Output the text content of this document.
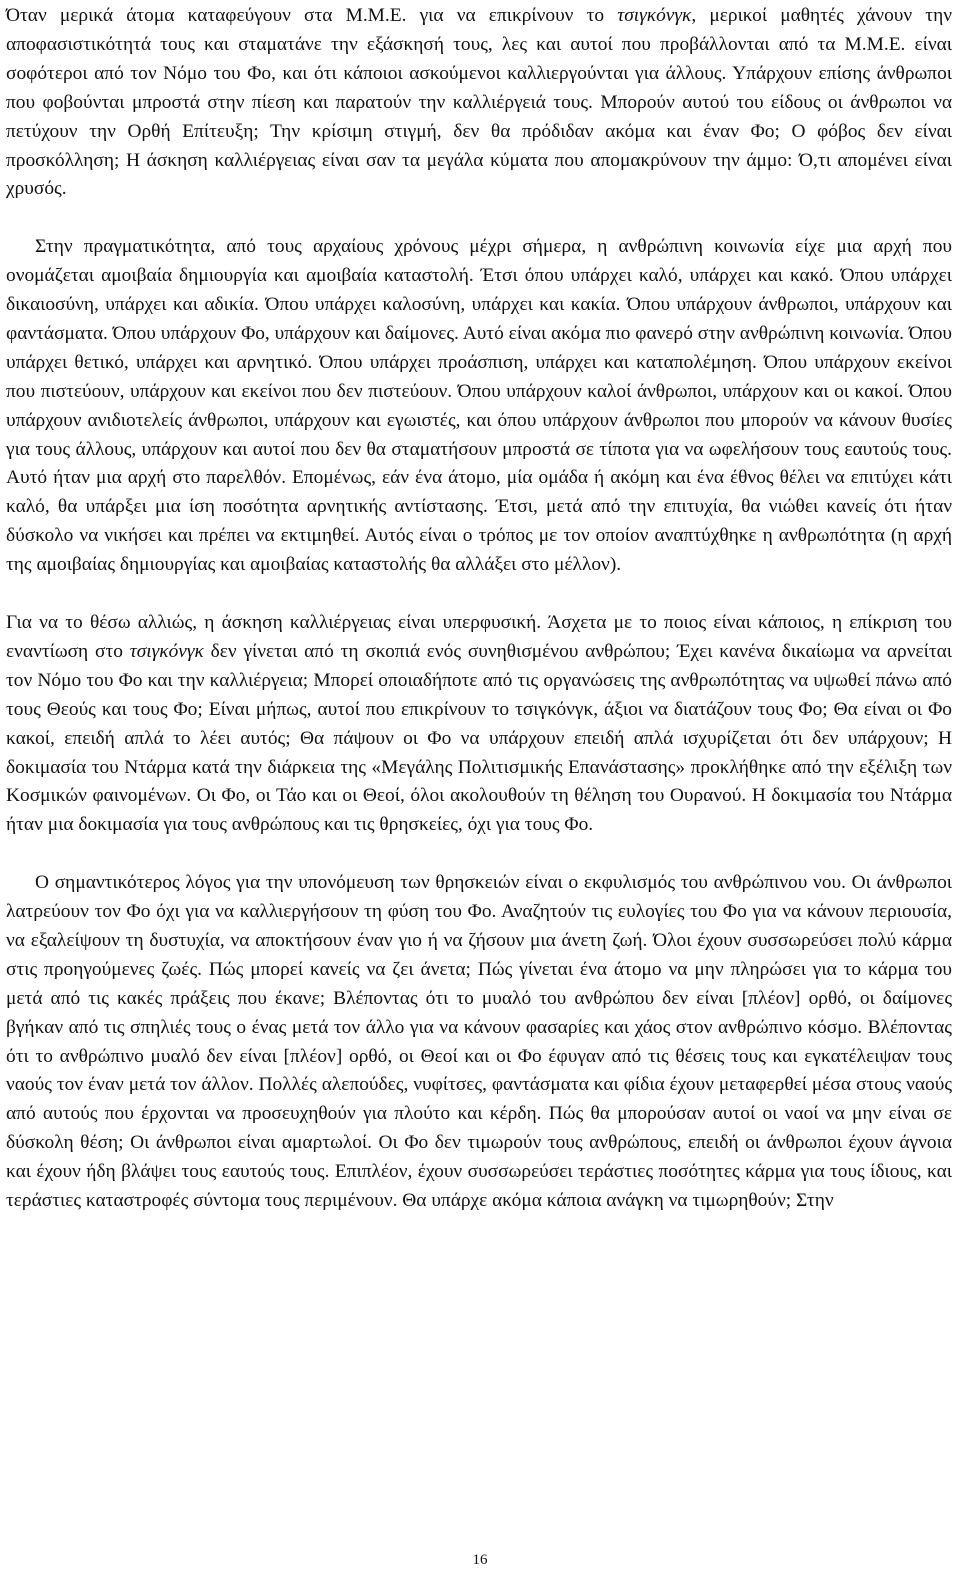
Όταν μερικά άτομα καταφεύγουν στα Μ.Μ.Ε. για να επικρίνουν το τσιγκόνγκ, μερικοί μαθητές χάνουν την αποφασιστικότητά τους και σταματάνε την εξάσκησή τους, λες και αυτοί που προβάλλονται από τα Μ.Μ.Ε. είναι σοφότεροι από τον Νόμο του Φο, και ότι κάποιοι ασκούμενοι καλλιεργούνται για άλλους. Υπάρχουν επίσης άνθρωποι που φοβούνται μπροστά στην πίεση και παρατούν την καλλιέργειά τους. Μπορούν αυτού του είδους οι άνθρωποι να πετύχουν την Ορθή Επίτευξη; Την κρίσιμη στιγμή, δεν θα πρόδιδαν ακόμα και έναν Φο; Ο φόβος δεν είναι προσκόλληση; Η άσκηση καλλιέργειας είναι σαν τα μεγάλα κύματα που απομακρύνουν την άμμο: Ό,τι απομένει είναι χρυσός.

Στην πραγματικότητα, από τους αρχαίους χρόνους μέχρι σήμερα, η ανθρώπινη κοινωνία είχε μια αρχή που ονομάζεται αμοιβαία δημιουργία και αμοιβαία καταστολή. Έτσι όπου υπάρχει καλό, υπάρχει και κακό. Όπου υπάρχει δικαιοσύνη, υπάρχει και αδικία. Όπου υπάρχει καλοσύνη, υπάρχει και κακία. Όπου υπάρχουν άνθρωποι, υπάρχουν και φαντάσματα. Όπου υπάρχουν Φο, υπάρχουν και δαίμονες. Αυτό είναι ακόμα πιο φανερό στην ανθρώπινη κοινωνία. Όπου υπάρχει θετικό, υπάρχει και αρνητικό. Όπου υπάρχει προάσπιση, υπάρχει και καταπολέμηση. Όπου υπάρχουν εκείνοι που πιστεύουν, υπάρχουν και εκείνοι που δεν πιστεύουν. Όπου υπάρχουν καλοί άνθρωποι, υπάρχουν και οι κακοί. Όπου υπάρχουν ανιδιοτελείς άνθρωποι, υπάρχουν και εγωιστές, και όπου υπάρχουν άνθρωποι που μπορούν να κάνουν θυσίες για τους άλλους, υπάρχουν και αυτοί που δεν θα σταματήσουν μπροστά σε τίποτα για να ωφελήσουν τους εαυτούς τους. Αυτό ήταν μια αρχή στο παρελθόν. Επομένως, εάν ένα άτομο, μία ομάδα ή ακόμη και ένα έθνος θέλει να επιτύχει κάτι καλό, θα υπάρξει μια ίση ποσότητα αρνητικής αντίστασης. Έτσι, μετά από την επιτυχία, θα νιώθει κανείς ότι ήταν δύσκολο να νικήσει και πρέπει να εκτιμηθεί. Αυτός είναι ο τρόπος με τον οποίον αναπτύχθηκε η ανθρωπότητα (η αρχή της αμοιβαίας δημιουργίας και αμοιβαίας καταστολής θα αλλάξει στο μέλλον).

Για να το θέσω αλλιώς, η άσκηση καλλιέργειας είναι υπερφυσική. Άσχετα με το ποιος είναι κάποιος, η επίκριση του εναντίωση στο τσιγκόνγκ δεν γίνεται από τη σκοπιά ενός συνηθισμένου ανθρώπου; Έχει κανένα δικαίωμα να αρνείται τον Νόμο του Φο και την καλλιέργεια; Μπορεί οποιαδήποτε από τις οργανώσεις της ανθρωπότητας να υψωθεί πάνω από τους Θεούς και τους Φο; Είναι μήπως, αυτοί που επικρίνουν το τσιγκόνγκ, άξιοι να διατάζουν τους Φο; Θα είναι οι Φο κακοί, επειδή απλά το λέει αυτός; Θα πάψουν οι Φο να υπάρχουν επειδή απλά ισχυρίζεται ότι δεν υπάρχουν; Η δοκιμασία του Ντάρμα κατά την διάρκεια της «Μεγάλης Πολιτισμικής Επανάστασης» προκλήθηκε από την εξέλιξη των Κοσμικών φαινομένων. Οι Φο, οι Τάο και οι Θεοί, όλοι ακολουθούν τη θέληση του Ουρανού. Η δοκιμασία του Ντάρμα ήταν μια δοκιμασία για τους ανθρώπους και τις θρησκείες, όχι για τους Φο.

Ο σημαντικότερος λόγος για την υπονόμευση των θρησκειών είναι ο εκφυλισμός του ανθρώπινου νου. Οι άνθρωποι λατρεύουν τον Φο όχι για να καλλιεργήσουν τη φύση του Φο. Αναζητούν τις ευλογίες του Φο για να κάνουν περιουσία, να εξαλείψουν τη δυστυχία, να αποκτήσουν έναν γιο ή να ζήσουν μια άνετη ζωή. Όλοι έχουν συσσωρεύσει πολύ κάρμα στις προηγούμενες ζωές. Πώς μπορεί κανείς να ζει άνετα; Πώς γίνεται ένα άτομο να μην πληρώσει για το κάρμα του μετά από τις κακές πράξεις που έκανε; Βλέποντας ότι το μυαλό του ανθρώπου δεν είναι [πλέον] ορθό, οι δαίμονες βγήκαν από τις σπηλιές τους ο ένας μετά τον άλλο για να κάνουν φασαρίες και χάος στον ανθρώπινο κόσμο. Βλέποντας ότι το ανθρώπινο μυαλό δεν είναι [πλέον] ορθό, οι Θεοί και οι Φο έφυγαν από τις θέσεις τους και εγκατέλειψαν τους ναούς τον έναν μετά τον άλλον. Πολλές αλεπούδες, νυφίτσες, φαντάσματα και φίδια έχουν μεταφερθεί μέσα στους ναούς από αυτούς που έρχονται να προσευχηθούν για πλούτο και κέρδη. Πώς θα μπορούσαν αυτοί οι ναοί να μην είναι σε δύσκολη θέση; Οι άνθρωποι είναι αμαρτωλοί. Οι Φο δεν τιμωρούν τους ανθρώπους, επειδή οι άνθρωποι έχουν άγνοια και έχουν ήδη βλάψει τους εαυτούς τους. Επιπλέον, έχουν συσσωρεύσει τεράστιες ποσότητες κάρμα για τους ίδιους, και τεράστιες καταστροφές σύντομα τους περιμένουν. Θα υπάρχε ακόμα κάποια ανάγκη να τιμωρηθούν; Στην

16
